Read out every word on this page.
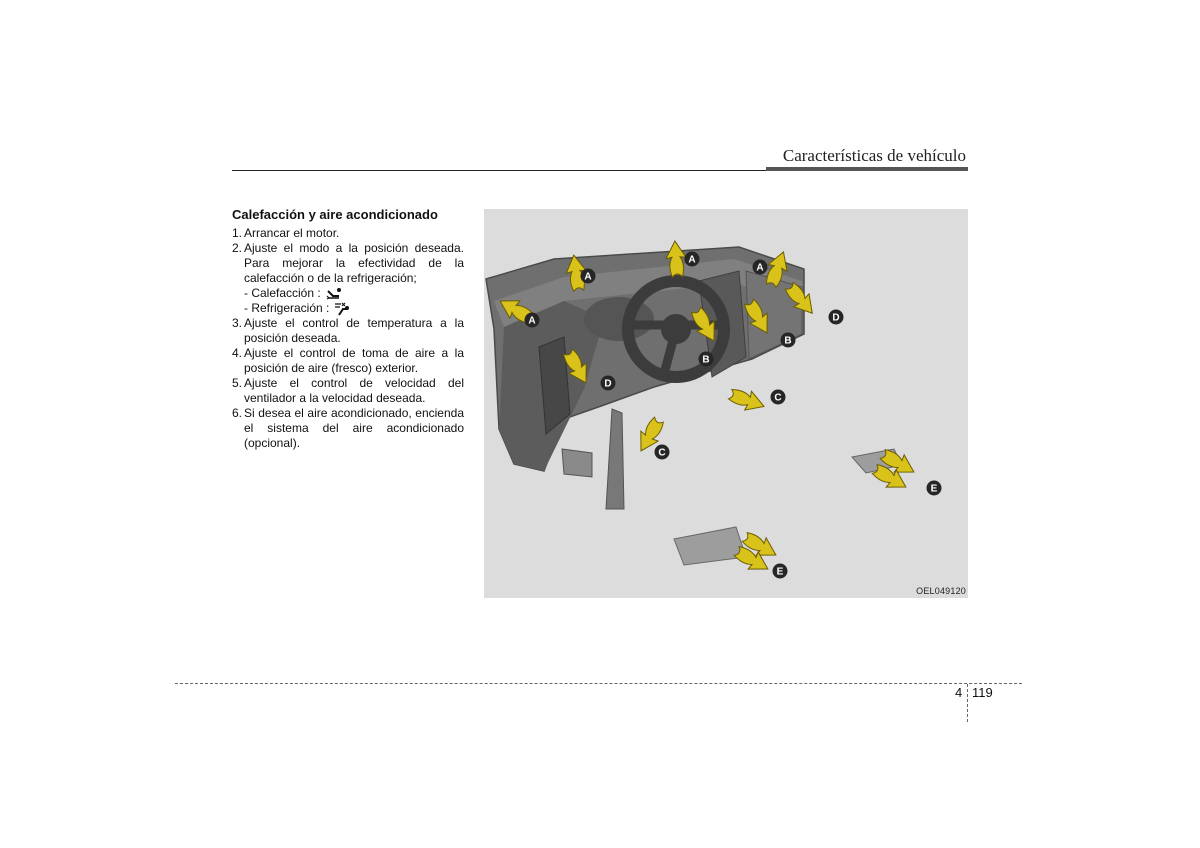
Características de vehículo
Calefacción y aire acondicionado
1. Arrancar el motor.
2. Ajuste el modo a la posición deseada. Para mejorar la efectividad de la calefacción o de la refrigeración;
- Calefacción :
- Refrigeración :
3. Ajuste el control de temperatura a la posición deseada.
4. Ajuste el control de toma de aire a la posición de aire (fresco) exterior.
5. Ajuste el control de velocidad del ventilador a la velocidad deseada.
6. Si desea el aire acondicionado, encienda el sistema del aire acondicionado (opcional).
A
A
A
A
B
B
C
C
D
D
E
E
OEL049120
4 119
